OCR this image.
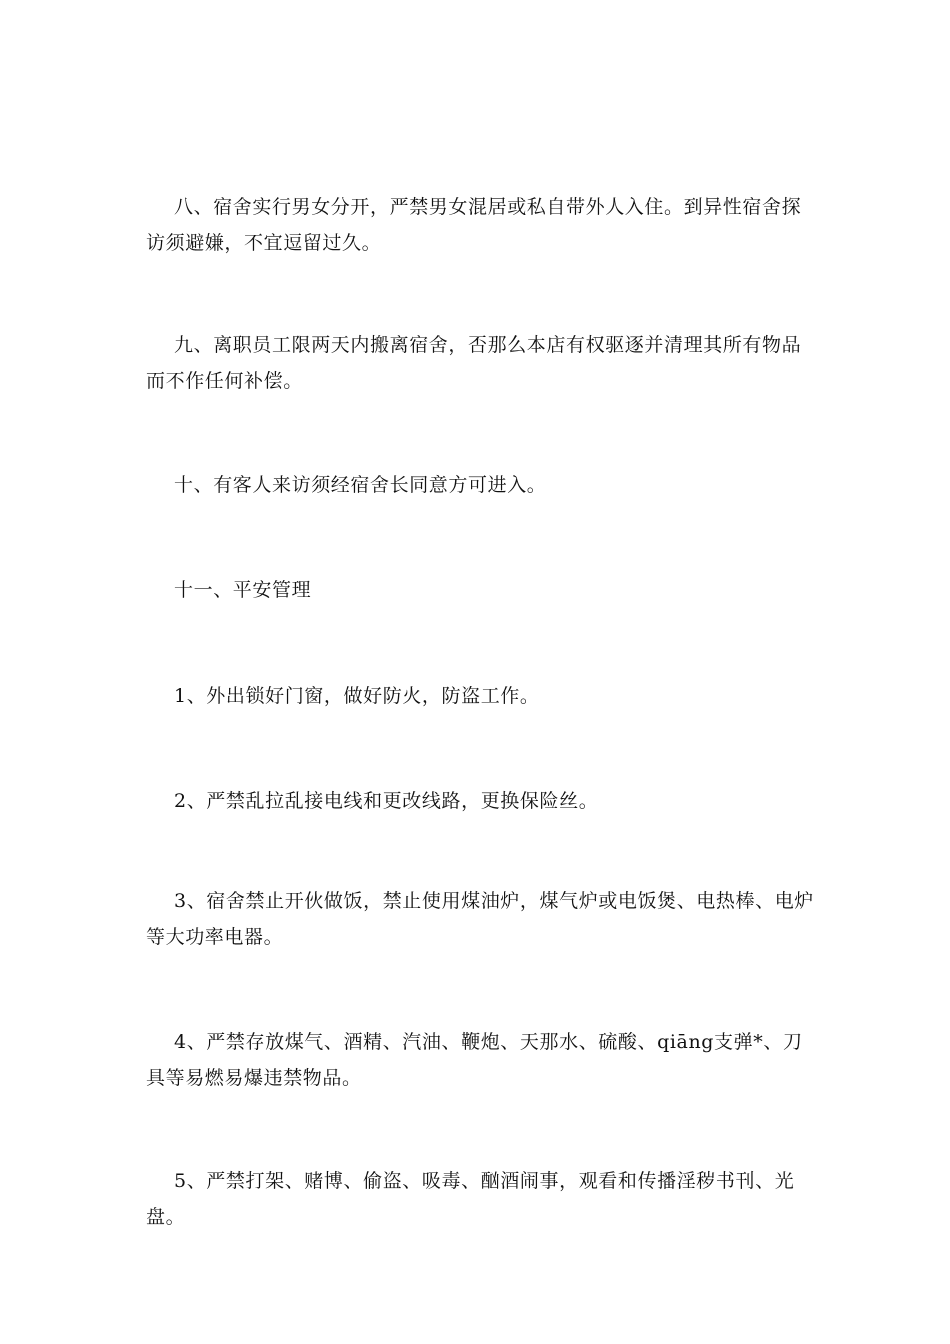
八、宿舍实行男女分开，严禁男女混居或私自带外人入住。到异性宿舍探访须避嫌，不宜逗留过久。

九、离职员工限两天内搬离宿舍，否那么本店有权驱逐并清理其所有物品而不作任何补偿。

十、有客人来访须经宿舍长同意方可进入。

十一、平安管理

1、外出锁好门窗，做好防火，防盗工作。

2、严禁乱拉乱接电线和更改线路，更换保险丝。

3、宿舍禁止开伙做饭，禁止使用煤油炉，煤气炉或电饭煲、电热棒、电炉等大功率电器。

4、严禁存放煤气、酒精、汽油、鞭炮、天那水、硫酸、qiāng支弹*、刀具等易燃易爆违禁物品。

5、严禁打架、赌博、偷盗、吸毒、酗酒闹事，观看和传播淫秽书刊、光盘。
